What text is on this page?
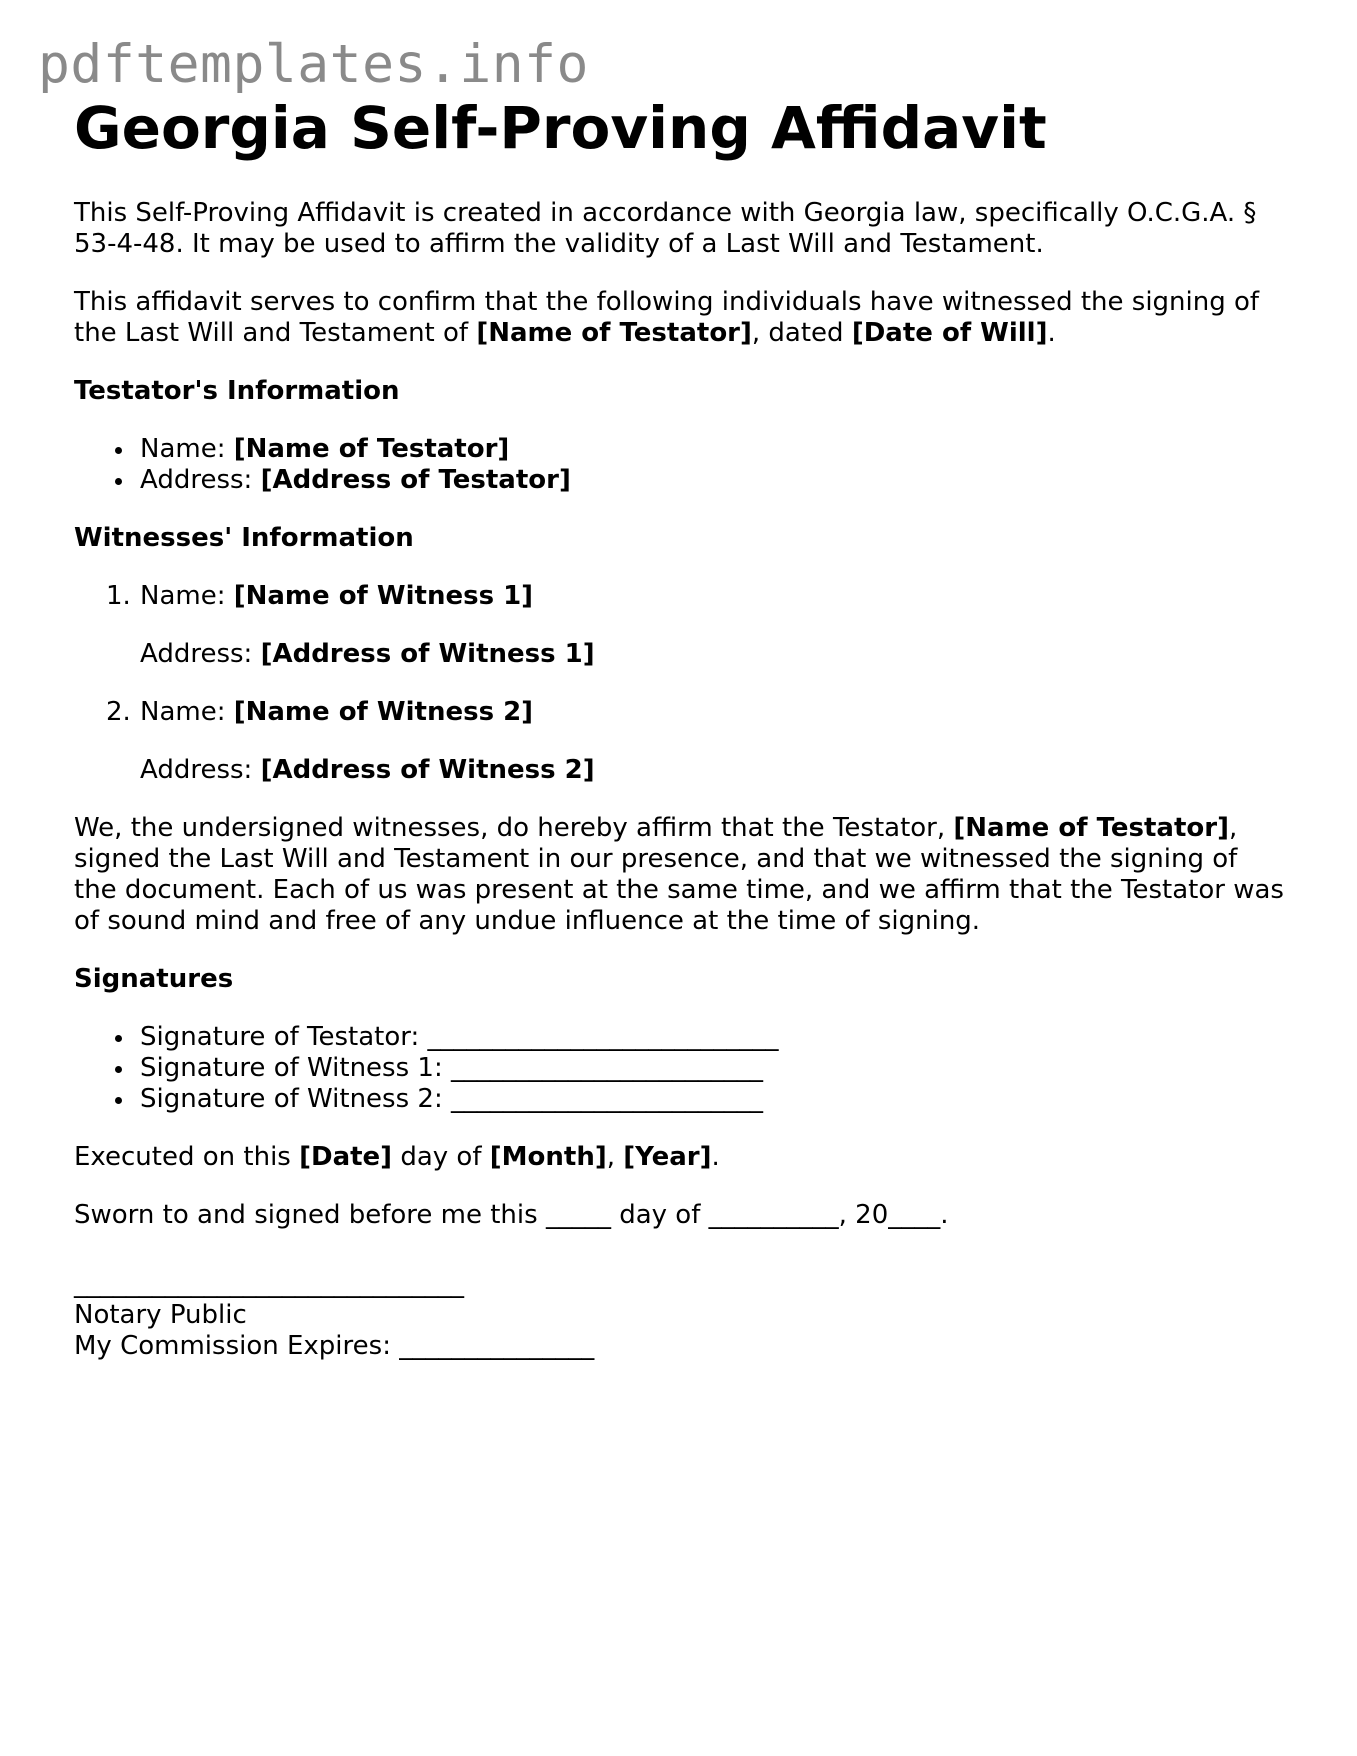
pdftemplates.info
Georgia Self-Proving Affidavit

This Self-Proving Affidavit is created in accordance with Georgia law, specifically O.C.G.A. § 53-4-48. It may be used to affirm the validity of a Last Will and Testament.

This affidavit serves to confirm that the following individuals have witnessed the signing of the Last Will and Testament of [Name of Testator], dated [Date of Will].

Testator's Information
Name: [Name of Testator]
Address: [Address of Testator]
Witnesses' Information
1. Name: [Name of Witness 1]
Address: [Address of Witness 1]
2. Name: [Name of Witness 2]
Address: [Address of Witness 2]

We, the undersigned witnesses, do hereby affirm that the Testator, [Name of Testator], signed the Last Will and Testament in our presence, and that we witnessed the signing of the document. Each of us was present at the same time, and we affirm that the Testator was of sound mind and free of any undue influence at the time of signing.

Signatures
Signature of Testator: ___________________________
Signature of Witness 1: ________________________
Signature of Witness 2: ________________________

Executed on this [Date] day of [Month], [Year].

Sworn to and signed before me this _____ day of __________, 20____.

______________________________
Notary Public
My Commission Expires: _______________
